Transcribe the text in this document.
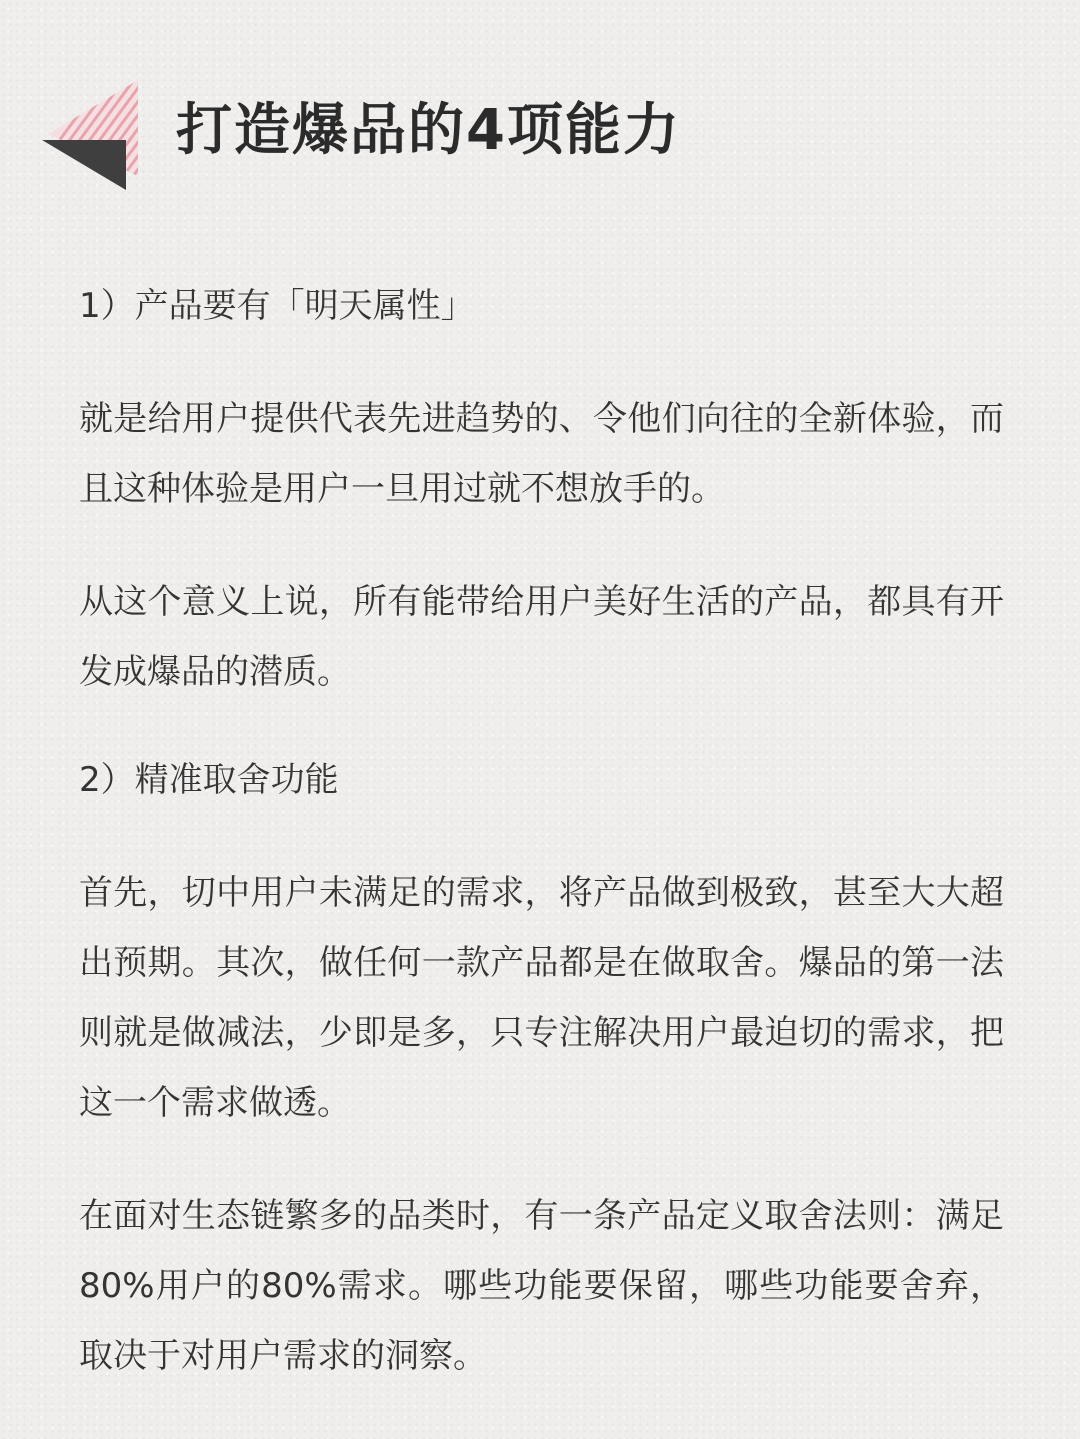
打造爆品的4项能力

1）产品要有「明天属性」

就是给用户提供代表先进趋势的、令他们向往的全新体验，而且这种体验是用户一旦用过就不想放手的。

从这个意义上说，所有能带给用户美好生活的产品，都具有开发成爆品的潜质。

2）精准取舍功能

首先，切中用户未满足的需求，将产品做到极致，甚至大大超出预期。其次，做任何一款产品都是在做取舍。爆品的第一法则就是做减法，少即是多，只专注解决用户最迫切的需求，把这一个需求做透。

在面对生态链繁多的品类时，有一条产品定义取舍法则：满足80%用户的80%需求。哪些功能要保留，哪些功能要舍弃，取决于对用户需求的洞察。
